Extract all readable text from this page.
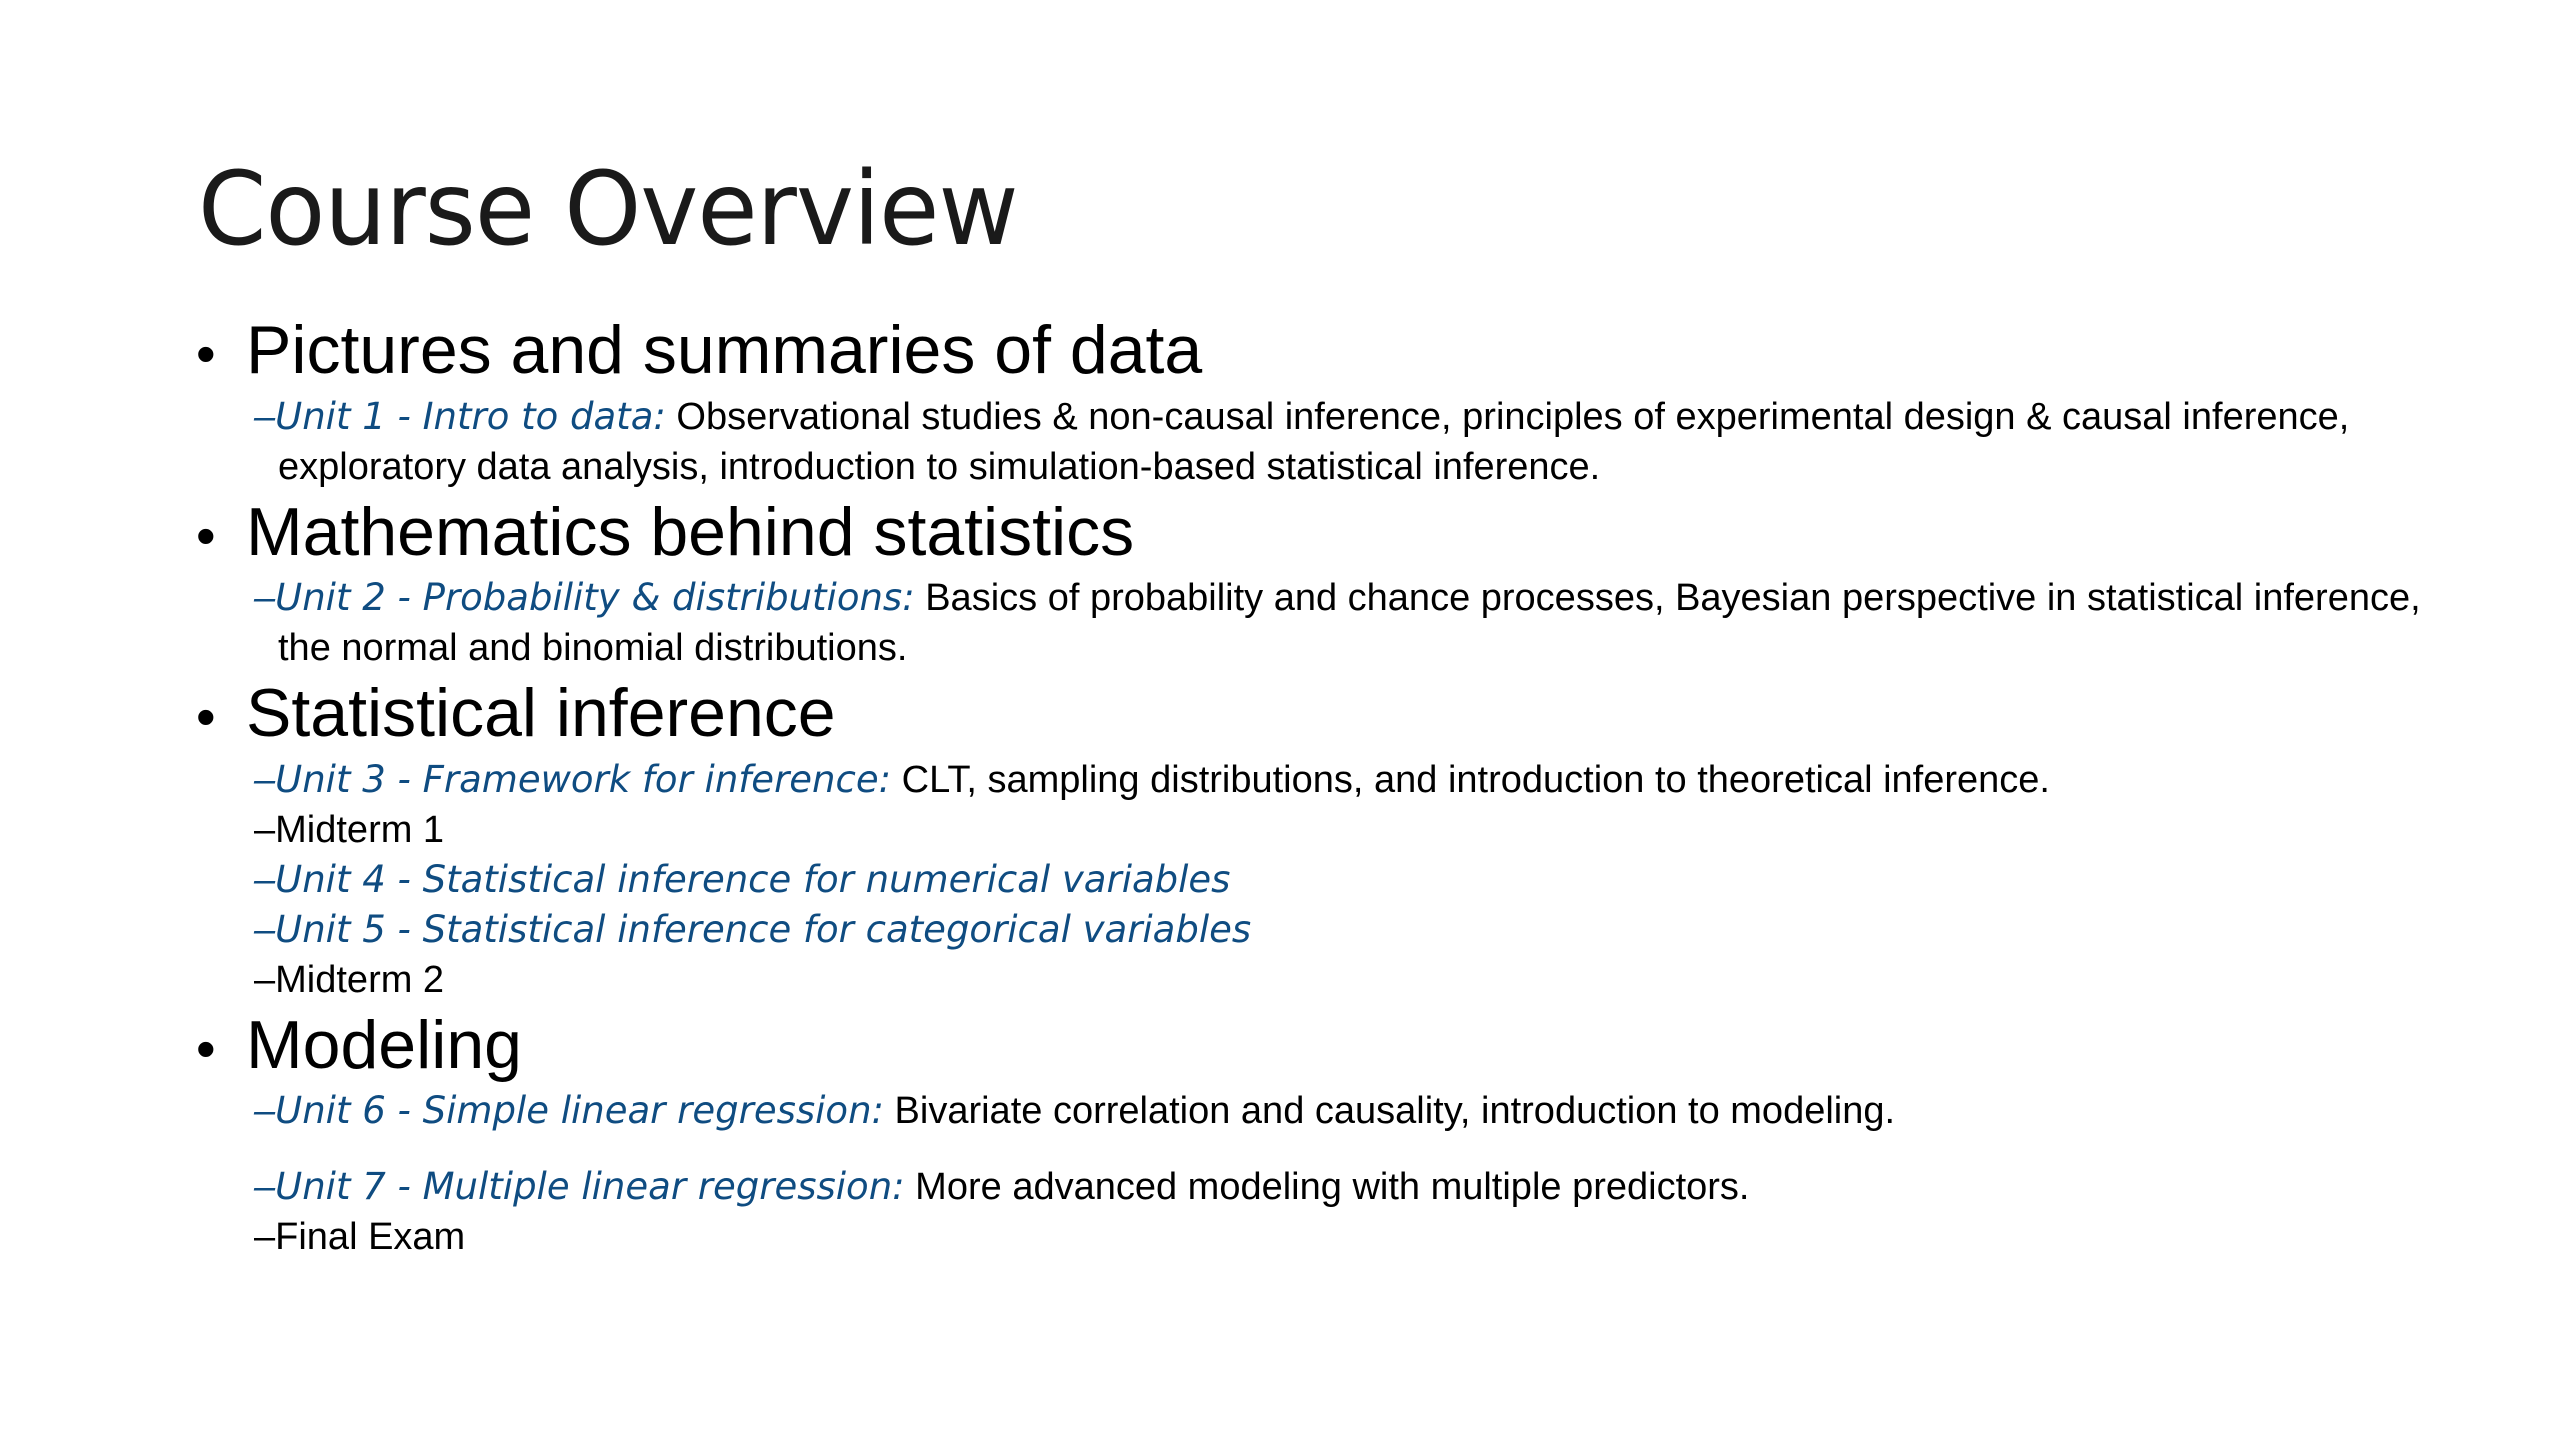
Course Overview
• Pictures and summaries of data

–Unit 1 - Intro to data: Observational studies & non-causal inference, principles of experimental design & causal inference, exploratory data analysis, introduction to simulation-based statistical inference.

• Mathematics behind statistics

–Unit 2 - Probability & distributions: Basics of probability and chance processes, Bayesian perspective in statistical inference, the normal and binomial distributions.

• Statistical inference

–Unit 3 - Framework for inference: CLT, sampling distributions, and introduction to theoretical inference.

–Midterm 1

–Unit 4 - Statistical inference for numerical variables

–Unit 5 - Statistical inference for categorical variables

–Midterm 2

• Modeling

–Unit 6 - Simple linear regression: Bivariate correlation and causality, introduction to modeling.

–Unit 7 - Multiple linear regression: More advanced modeling with multiple predictors.

–Final Exam
